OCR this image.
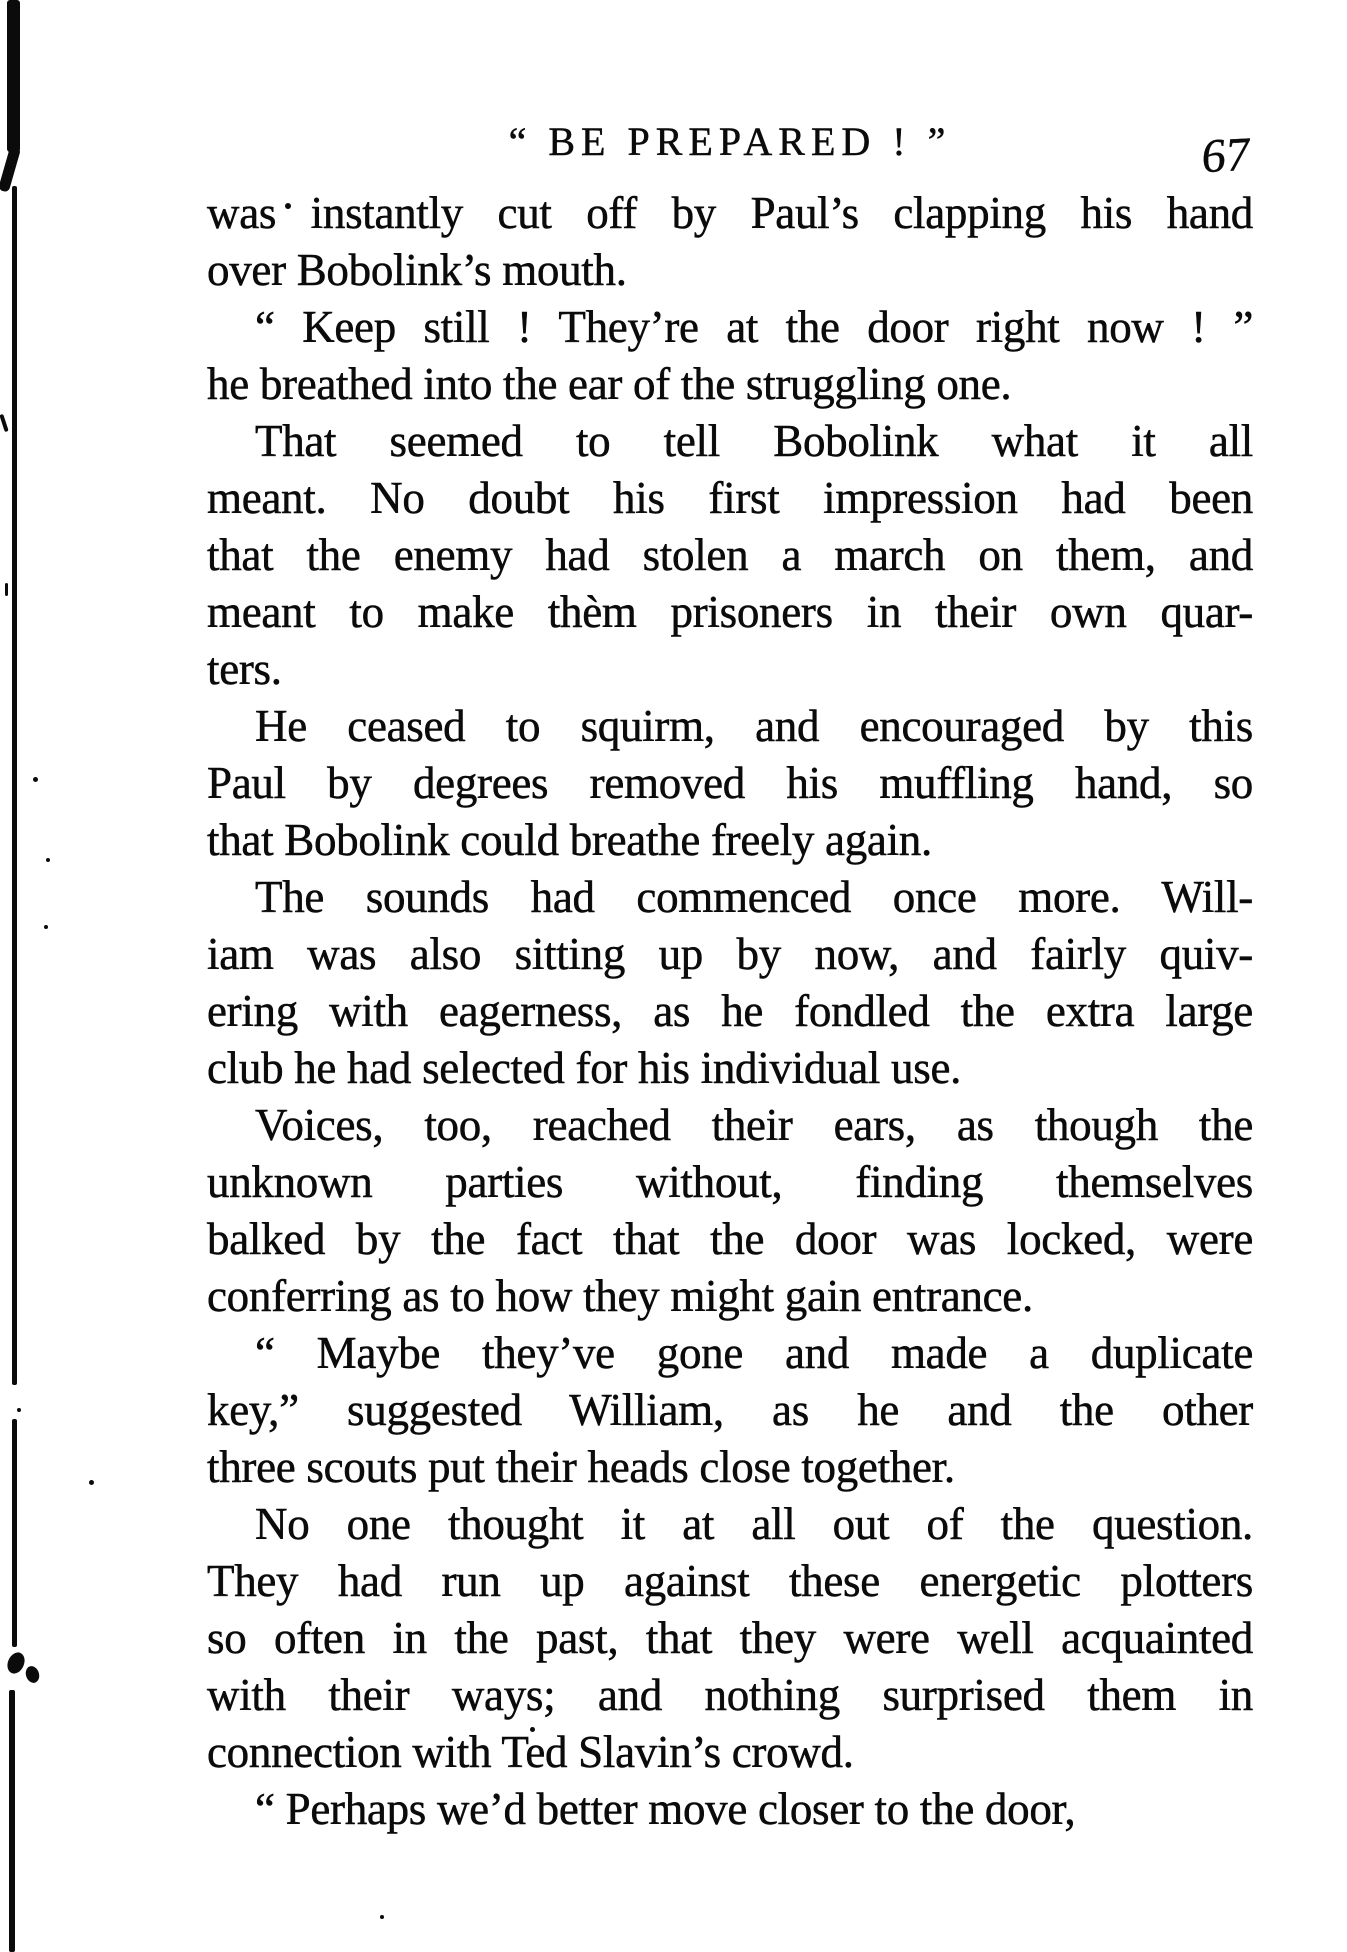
“ BE PREPARED ! ”	67
was instantly cut off by Paul’s clapping his hand
over Bobolink’s mouth.
“ Keep still ! They’re at the door right now ! ”
he breathed into the ear of the struggling one.
That seemed to tell Bobolink what it all
meant. No doubt his first impression had been
that the enemy had stolen a march on them, and
meant to make thèm prisoners in their own quar-
ters.
He ceased to squirm, and encouraged by this
Paul by degrees removed his muffling hand, so
that Bobolink could breathe freely again.
The sounds had commenced once more. Will-
iam was also sitting up by now, and fairly quiv-
ering with eagerness, as he fondled the extra large
club he had selected for his individual use.
Voices, too, reached their ears, as though the
unknown parties without, finding themselves
balked by the fact that the door was locked, were
conferring as to how they might gain entrance.
“ Maybe they’ve gone and made a duplicate
key,” suggested William, as he and the other
three scouts put their heads close together.
No one thought it at all out of the question.
They had run up against these energetic plotters
so often in the past, that they were well acquainted
with their ways; and nothing surprised them in
connection with Ted Slavin’s crowd.
“ Perhaps we’d better move closer to the door,
